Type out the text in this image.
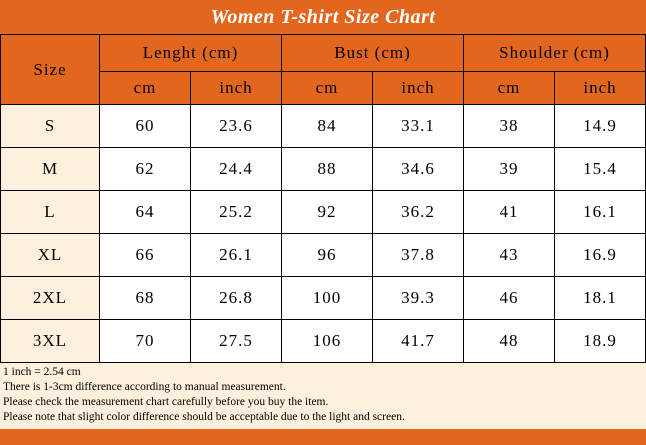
Women T-shirt Size Chart
Size	Lenght (cm)		Bust (cm)		Shoulder (cm)	
	cm	inch	cm	inch	cm	inch
S	60	23.6	84	33.1	38	14.9
M	62	24.4	88	34.6	39	15.4
L	64	25.2	92	36.2	41	16.1
XL	66	26.1	96	37.8	43	16.9
2XL	68	26.8	100	39.3	46	18.1
3XL	70	27.5	106	41.7	48	18.9
1 inch = 2.54 cm
There is 1-3cm difference according to manual measurement.
Please check the measurement chart carefully before you buy the item.
Please note that slight color difference should be acceptable due to the light and screen.
